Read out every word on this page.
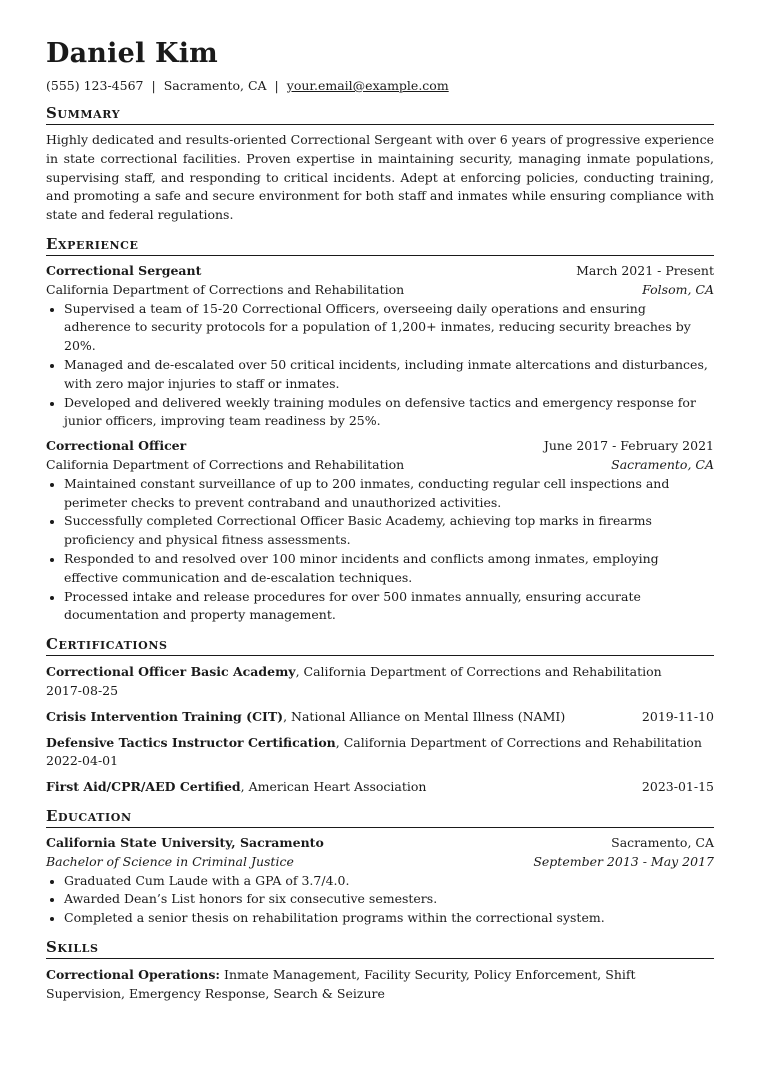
Daniel Kim
(555) 123-4567 | Sacramento, CA | your.email@example.com
Summary
Highly dedicated and results-oriented Correctional Sergeant with over 6 years of progressive experience in state correctional facilities. Proven expertise in maintaining security, managing inmate populations, supervising staff, and responding to critical incidents. Adept at enforcing policies, conducting training, and promoting a safe and secure environment for both staff and inmates while ensuring compliance with state and federal regulations.
Experience
Correctional Sergeant	March 2021 - Present
California Department of Corrections and Rehabilitation	Folsom, CA
Supervised a team of 15-20 Correctional Officers, overseeing daily operations and ensuring adherence to security protocols for a population of 1,200+ inmates, reducing security breaches by 20%.
Managed and de-escalated over 50 critical incidents, including inmate altercations and disturbances, with zero major injuries to staff or inmates.
Developed and delivered weekly training modules on defensive tactics and emergency response for junior officers, improving team readiness by 25%.
Correctional Officer	June 2017 - February 2021
California Department of Corrections and Rehabilitation	Sacramento, CA
Maintained constant surveillance of up to 200 inmates, conducting regular cell inspections and perimeter checks to prevent contraband and unauthorized activities.
Successfully completed Correctional Officer Basic Academy, achieving top marks in firearms proficiency and physical fitness assessments.
Responded to and resolved over 100 minor incidents and conflicts among inmates, employing effective communication and de-escalation techniques.
Processed intake and release procedures for over 500 inmates annually, ensuring accurate documentation and property management.
Certifications
Correctional Officer Basic Academy, California Department of Corrections and Rehabilitation
2017-08-25
Crisis Intervention Training (CIT), National Alliance on Mental Illness (NAMI)	2019-11-10
Defensive Tactics Instructor Certification, California Department of Corrections and Rehabilitation
2022-04-01
First Aid/CPR/AED Certified, American Heart Association	2023-01-15
Education
California State University, Sacramento	Sacramento, CA
Bachelor of Science in Criminal Justice	September 2013 - May 2017
Graduated Cum Laude with a GPA of 3.7/4.0.
Awarded Dean’s List honors for six consecutive semesters.
Completed a senior thesis on rehabilitation programs within the correctional system.
Skills
Correctional Operations: Inmate Management, Facility Security, Policy Enforcement, Shift Supervision, Emergency Response, Search & Seizure
